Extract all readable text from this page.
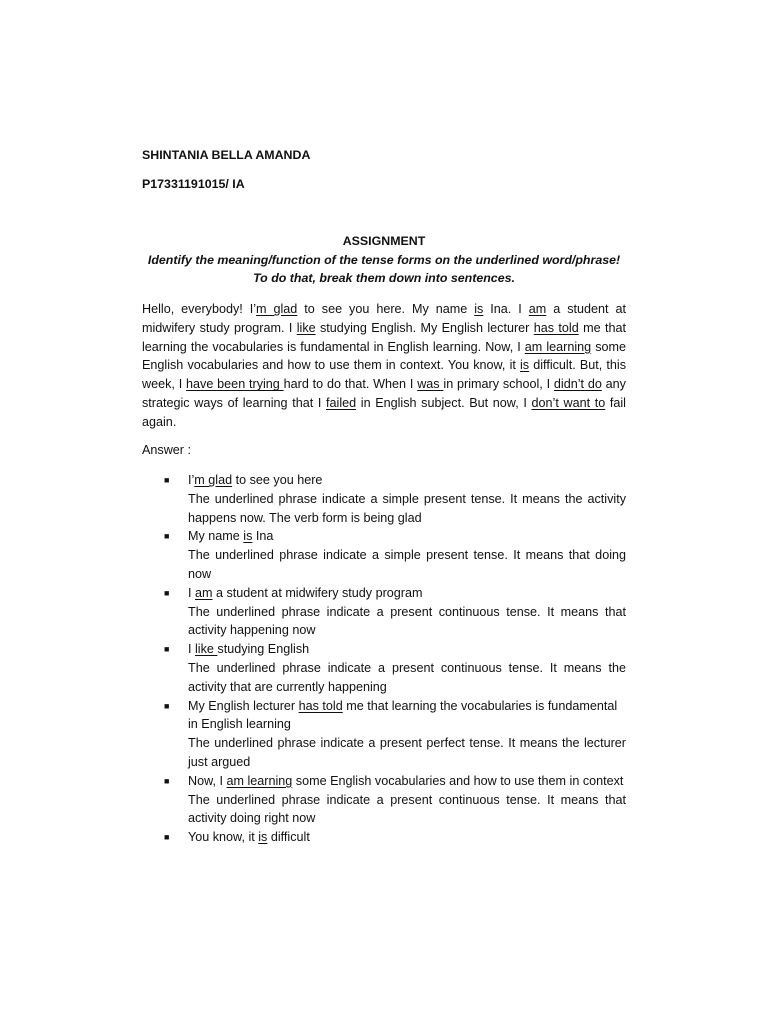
SHINTANIA BELLA AMANDA

P17331191015/ IA

ASSIGNMENT

Identify the meaning/function of the tense forms on the underlined word/phrase!

To do that, break them down into sentences.

Hello, everybody! I’m glad to see you here. My name is Ina. I am a student at midwifery study program. I like studying English. My English lecturer has told me that learning the vocabularies is fundamental in English learning. Now, I am learning some English vocabularies and how to use them in context. You know, it is difficult. But, this week, I have been trying hard to do that. When I was in primary school, I didn’t do any strategic ways of learning that I failed in English subject. But now, I don’t want to fail again.

Answer :

■ I’m glad to see you here
The underlined phrase indicate a simple present tense. It means the activity happens now. The verb form is being glad
■ My name is Ina
The underlined phrase indicate a simple present tense. It means that doing now
■ I am a student at midwifery study program
The underlined phrase indicate a present continuous tense. It means that activity happening now
■ I like studying English
The underlined phrase indicate a present continuous tense. It means the activity that are currently happening
■ My English lecturer has told me that learning the vocabularies is fundamental in English learning
The underlined phrase indicate a present perfect tense. It means the lecturer just argued
■ Now, I am learning some English vocabularies and how to use them in context
The underlined phrase indicate a present continuous tense. It means that activity doing right now
■ You know, it is difficult
